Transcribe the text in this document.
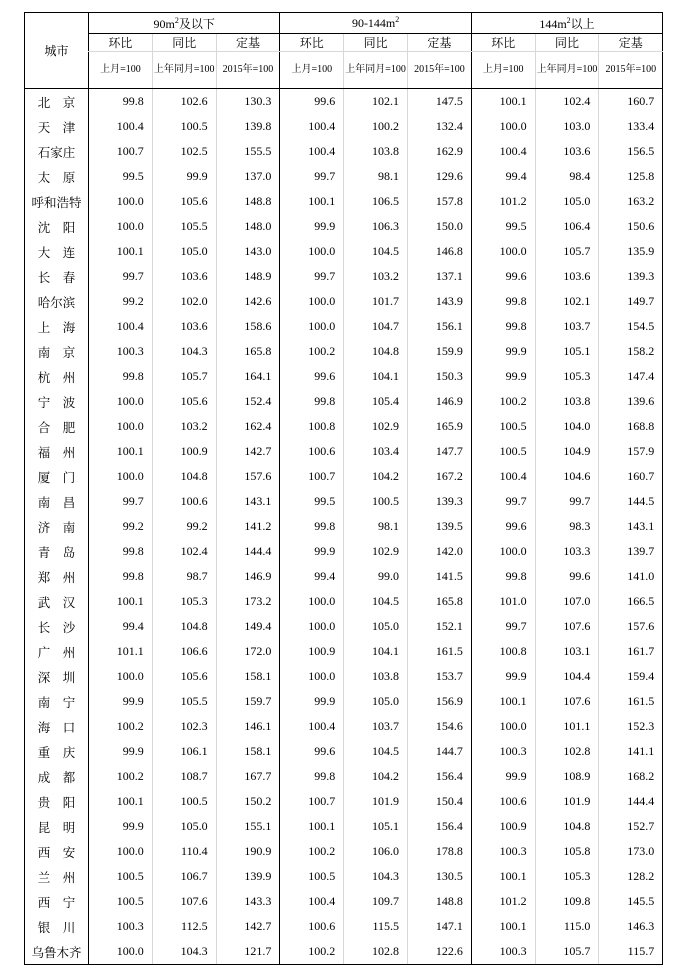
城市	$90m^2$及以下			$90-144m^2$			$144m^2$以上		
	环比	同比	定基	环比	同比	定基	环比	同比	定基
	上月=100	上年同月=100	2015年=100	上月=100	上年同月=100	2015年=100	上月=100	上年同月=100	2015年=100
北　京	99.8	102.6	130.3	99.6	102.1	147.5	100.1	102.4	160.7
天　津	100.4	100.5	139.8	100.4	100.2	132.4	100.0	103.0	133.4
石家庄	100.7	102.5	155.5	100.4	103.8	162.9	100.4	103.6	156.5
太　原	99.5	99.9	137.0	99.7	98.1	129.6	99.4	98.4	125.8
呼和浩特	100.0	105.6	148.8	100.1	106.5	157.8	101.2	105.0	163.2
沈　阳	100.0	105.5	148.0	99.9	106.3	150.0	99.5	106.4	150.6
大　连	100.1	105.0	143.0	100.0	104.5	146.8	100.0	105.7	135.9
长　春	99.7	103.6	148.9	99.7	103.2	137.1	99.6	103.6	139.3
哈尔滨	99.2	102.0	142.6	100.0	101.7	143.9	99.8	102.1	149.7
上　海	100.4	103.6	158.6	100.0	104.7	156.1	99.8	103.7	154.5
南　京	100.3	104.3	165.8	100.2	104.8	159.9	99.9	105.1	158.2
杭　州	99.8	105.7	164.1	99.6	104.1	150.3	99.9	105.3	147.4
宁　波	100.0	105.6	152.4	99.8	105.4	146.9	100.2	103.8	139.6
合　肥	100.0	103.2	162.4	100.8	102.9	165.9	100.5	104.0	168.8
福　州	100.1	100.9	142.7	100.6	103.4	147.7	100.5	104.9	157.9
厦　门	100.0	104.8	157.6	100.7	104.2	167.2	100.4	104.6	160.7
南　昌	99.7	100.6	143.1	99.5	100.5	139.3	99.7	99.7	144.5
济　南	99.2	99.2	141.2	99.8	98.1	139.5	99.6	98.3	143.1
青　岛	99.8	102.4	144.4	99.9	102.9	142.0	100.0	103.3	139.7
郑　州	99.8	98.7	146.9	99.4	99.0	141.5	99.8	99.6	141.0
武　汉	100.1	105.3	173.2	100.0	104.5	165.8	101.0	107.0	166.5
长　沙	99.4	104.8	149.4	100.0	105.0	152.1	99.7	107.6	157.6
广　州	101.1	106.6	172.0	100.9	104.1	161.5	100.8	103.1	161.7
深　圳	100.0	105.6	158.1	100.0	103.8	153.7	99.9	104.4	159.4
南　宁	99.9	105.5	159.7	99.9	105.0	156.9	100.1	107.6	161.5
海　口	100.2	102.3	146.1	100.4	103.7	154.6	100.0	101.1	152.3
重　庆	99.9	106.1	158.1	99.6	104.5	144.7	100.3	102.8	141.1
成　都	100.2	108.7	167.7	99.8	104.2	156.4	99.9	108.9	168.2
贵　阳	100.1	100.5	150.2	100.7	101.9	150.4	100.6	101.9	144.4
昆　明	99.9	105.0	155.1	100.1	105.1	156.4	100.9	104.8	152.7
西　安	100.0	110.4	190.9	100.2	106.0	178.8	100.3	105.8	173.0
兰　州	100.5	106.7	139.9	100.5	104.3	130.5	100.1	105.3	128.2
西　宁	100.5	107.6	143.3	100.4	109.7	148.8	101.2	109.8	145.5
银　川	100.3	112.5	142.7	100.6	115.5	147.1	100.1	115.0	146.3
乌鲁木齐	100.0	104.3	121.7	100.2	102.8	122.6	100.3	105.7	115.7
